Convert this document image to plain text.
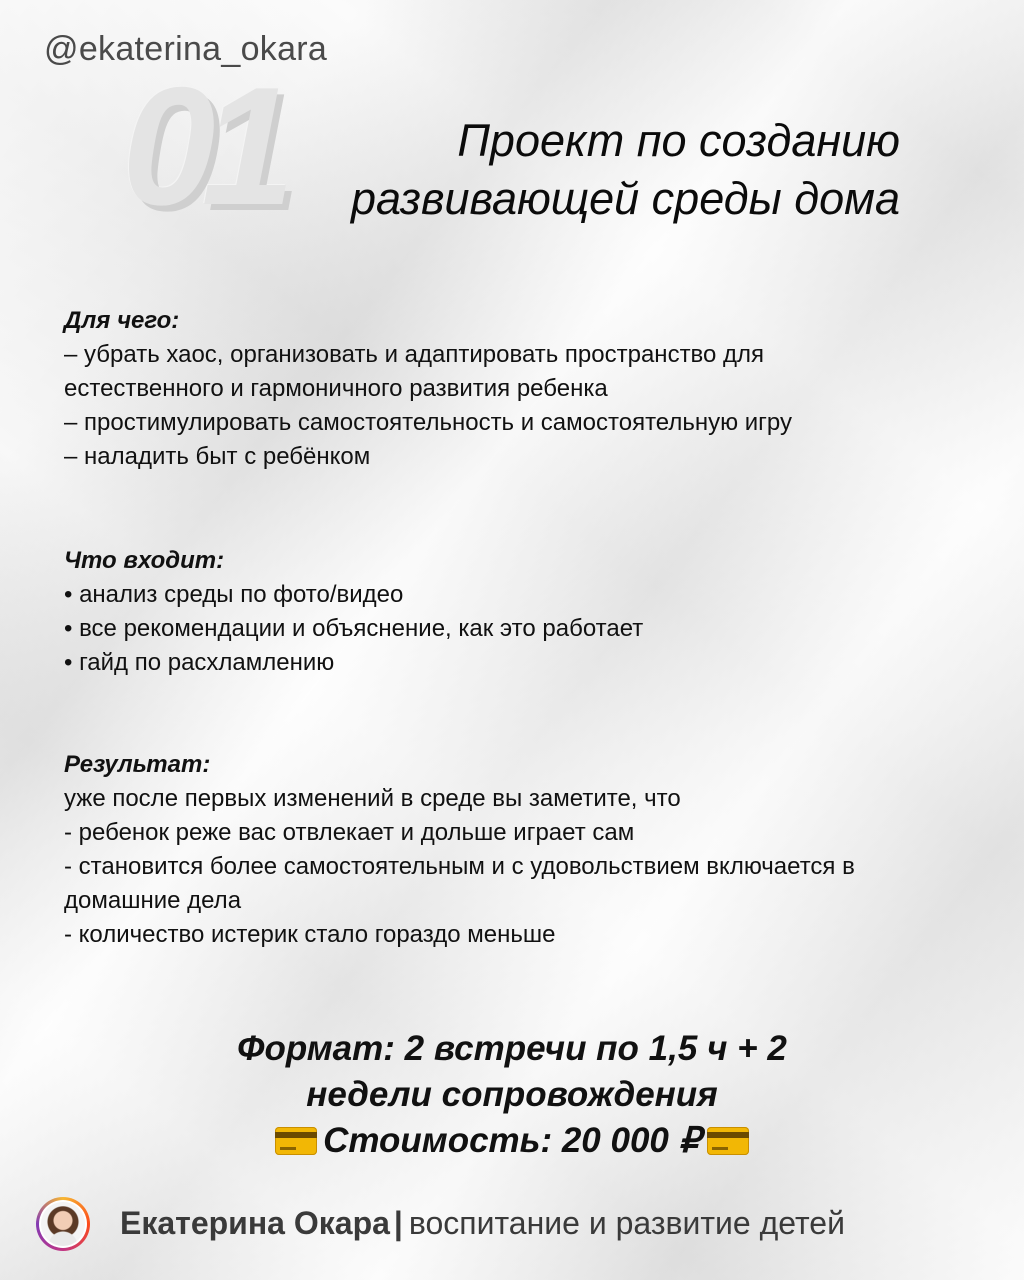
@ekaterina_okara
01	Проект по созданию
развивающей среды дома
Для чего:
– убрать хаос, организовать и адаптировать пространство для
естественного и гармоничного развития ребенка
– простимулировать самостоятельность и самостоятельную игру
– наладить быт с ребёнком
Что входит:
• анализ среды по фото/видео
• все рекомендации и объяснение, как это работает
• гайд по расхламлению
Результат:
уже после первых изменений в среде вы заметите, что
- ребенок реже вас отвлекает и дольше играет сам
- становится более самостоятельным и с удовольствием включается в
домашние дела
- количество истерик стало гораздо меньше
Формат: 2 встречи по 1,5 ч + 2
недели сопровождения
Стоимость: 20 000 ₽
Екатерина Окара | воспитание и развитие детей
